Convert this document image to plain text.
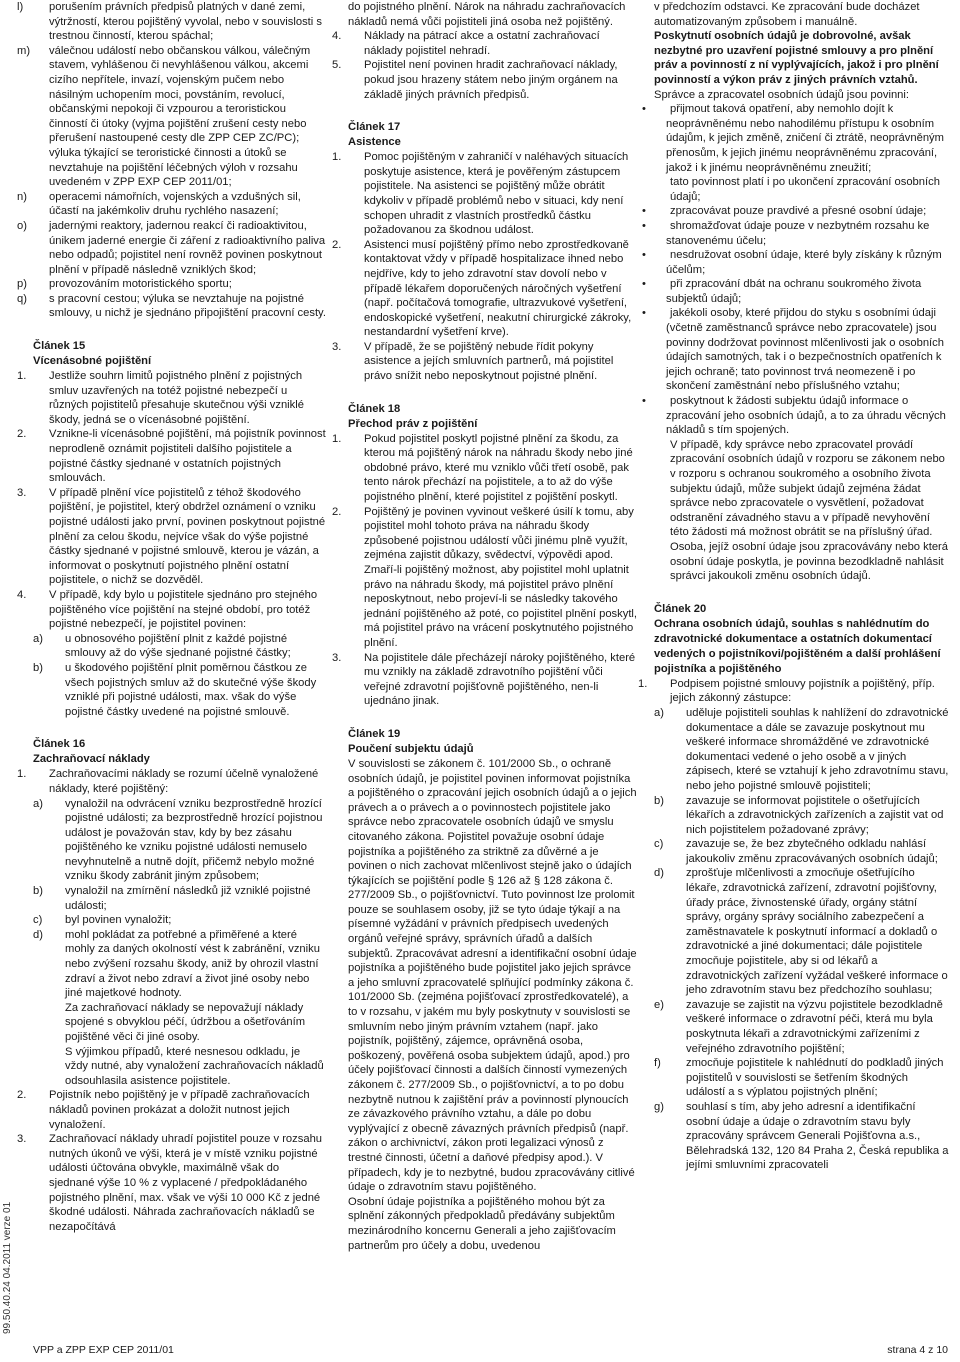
l) porušením právních předpisů platných v dané zemi, výtržností, kterou pojištěný vyvolal, nebo v souvislosti s trestnou činností, kterou spáchal;
m) válečnou událostí nebo občanskou válkou, válečným stavem, vyhlášenou či nevyhlášenou válkou, akcemi cizího nepřítele, invazí, vojenským pučem nebo násilným uchopením moci, povstáním, revolucí, občanskými nepokoji či vzpourou a teroristickou činností či útoky (vyjma pojištění zrušení cesty nebo přerušení nastoupené cesty dle ZPP CEP ZC/PC); výluka týkající se teroristické činnosti a útoků se nevztahuje na pojištění léčebných výloh v rozsahu uvedeném v ZPP EXP CEP 2011/01;
n) operacemi námořních, vojenských a vzdušných sil, účastí na jakémkoliv druhu rychlého nasazení;
o) jadernými reaktory, jadernou reakcí či radioaktivitou, únikem jaderné energie či záření z radioaktivního paliva nebo odpadů; pojistitel není rovněž povinen poskytnout plnění v případě následně vzniklých škod;
p) provozováním motoristického sportu;
q) s pracovní cestou; výluka se nevztahuje na pojistné smlouvy, u nichž je sjednáno připojištění pracovní cesty.
Článek 15
Vícenásobné pojištění
1. Jestliže souhrn limitů pojistného plnění z pojistných smluv uzavřených na totéž pojistné nebezpečí u různých pojistitelů přesahuje skutečnou výši vzniklé škody, jedná se o vícenásobné pojištění.
2. Vznikne-li vícenásobné pojištění, má pojistník povinnost neprodleně oznámit pojistiteli dalšího pojistitele a pojistné částky sjednané v ostatních pojistných smlouvách.
3. V případě plnění více pojistitelů z téhož škodového pojištění, je pojistitel, který obdržel oznámení o vzniku pojistné události jako první, povinen poskytnout pojistné plnění za celou škodu, nejvíce však do výše pojistné částky sjednané v pojistné smlouvě, kterou je vázán, a informovat o poskytnutí pojistného plnění ostatní pojistitele, o nichž se dozvěděl.
4. V případě, kdy bylo u pojistitele sjednáno pro stejného pojištěného více pojištění na stejné období, pro totéž pojistné nebezpečí, je pojistitel povinen:
a) u obnosového pojištění plnit z každé pojistné smlouvy až do výše sjednané pojistné částky;
b) u škodového pojištění plnit poměrnou částkou ze všech pojistných smluv až do skutečné výše škody vzniklé při pojistné události, max. však do výše pojistné částky uvedené na pojistné smlouvě.
Článek 16
Zachraňovací náklady
1. Zachraňovacími náklady se rozumí účelně vynaložené náklady, které pojištěný:
a) vynaložil na odvrácení vzniku bezprostředně hrozící pojistné události; za bezprostředně hrozící pojistnou událost je považován stav, kdy by bez zásahu pojištěného ke vzniku pojistné události nemuselo nevyhnutelně a nutně dojít, přičemž nebylo možné vzniku škody zabránit jiným způsobem;
b) vynaložil na zmírnění následků již vzniklé pojistné události;
c) byl povinen vynaložit;
d) mohl pokládat za potřebné a přiměřené a které mohly za daných okolností vést k zabránění, vzniku nebo zvýšení rozsahu škody, aniž by ohrozil vlastní zdraví a život nebo zdraví a život jiné osoby nebo jiné majetkové hodnoty.
Za zachraňovací náklady se nepovažují náklady spojené s obvyklou péčí, údržbou a ošetřováním pojištěné věci či jiné osoby.
S výjimkou případů, které nesnesou odkladu, je vždy nutné, aby vynaložení zachraňovacích nákladů odsouhlasila asistence pojistitele.
2. Pojistník nebo pojištěný je v případě zachraňovacích nákladů povinen prokázat a doložit nutnost jejich vynaložení.
3. Zachraňovací náklady uhradí pojistitel pouze v rozsahu nutných úkonů ve výši, která je v místě vzniku pojistné události účtována obvykle, maximálně však do sjednané výše 10 % z vyplacené / předpokládaného pojistného plnění, max. však ve výši 10 000 Kč z jedné škodné události. Náhrada zachraňovacích nákladů se nezapočítává
do pojistného plnění. Nárok na náhradu zachraňovacích nákladů nemá vůči pojistiteli jiná osoba než pojištěný.
4. Náklady na pátrací akce a ostatní zachraňovací náklady pojistitel nehradí.
5. Pojistitel není povinen hradit zachraňovací náklady, pokud jsou hrazeny státem nebo jiným orgánem na základě jiných právních předpisů.
Článek 17
Asistence
1. Pomoc pojištěným v zahraničí v naléhavých situacích poskytuje asistence, která je pověřeným zástupcem pojistitele. Na asistenci se pojištěný může obrátit kdykoliv v případě problémů nebo v situaci, kdy není schopen uhradit z vlastních prostředků částku požadovanou za škodnou událost.
2. Asistenci musí pojištěný přímo nebo zprostředkovaně kontaktovat vždy v případě hospitalizace ihned nebo nejdříve, kdy to jeho zdravotní stav dovolí nebo v případě lékařem doporučených náročných vyšetření (např. počítačová tomografie, ultrazvukové vyšetření, endoskopické vyšetření, neakutní chirurgické zákroky, nestandardní vyšetření krve).
3. V případě, že se pojištěný nebude řídit pokyny asistence a jejích smluvních partnerů, má pojistitel právo snížit nebo neposkytnout pojistné plnění.
Článek 18
Přechod práv z pojištění
1. Pokud pojistitel poskytl pojistné plnění za škodu, za kterou má pojištěný nárok na náhradu škody nebo jiné obdobné právo, které mu vzniklo vůči třetí osobě, pak tento nárok přechází na pojistitele, a to až do výše pojistného plnění, které pojistitel z pojištění poskytl.
2. Pojištěný je povinen vyvinout veškeré úsilí k tomu, aby pojistitel mohl tohoto práva na náhradu škody způsobené pojistnou událostí vůči jinému plně využít, zejména zajistit důkazy, svědectví, výpovědi apod. Zmaří-li pojištěný možnost, aby pojistitel mohl uplatnit právo na náhradu škody, má pojistitel právo plnění neposkytnout, nebo projeví-li se následky takového jednání pojištěného až poté, co pojistitel plnění poskytl, má pojistitel právo na vrácení poskytnutého pojistného plnění.
3. Na pojistitele dále přecházejí nároky pojištěného, které mu vznikly na základě zdravotního pojištění vůči veřejné zdravotní pojišťovně pojištěného, nen-li ujednáno jinak.
Článek 19
Poučení subjektu údajů
V souvislosti se zákonem č. 101/2000 Sb., o ochraně osobních údajů, je pojistitel povinen informovat pojistníka a pojištěného o zpracování jejich osobních údajů a o jejich právech a o právech a o povinnostech pojistitele jako správce nebo zpracovatele osobních údajů ve smyslu citovaného zákona. Pojistitel považuje osobní údaje pojistníka a pojištěného za striktně za důvěrné a je povinen o nich zachovat mlčenlivost stejně jako o údajích týkajících se pojištění podle § 126 až § 128 zákona č. 277/2009 Sb., o pojišťovnictví. Tuto povinnost lze prolomit pouze se souhlasem osoby, již se tyto údaje týkají a na písemné vyžádání v právních předpisech uvedených orgánů veřejné správy, správních úřadů a dalších subjektů. Zpracovávat adresní a identifikační osobní údaje pojistníka a pojištěného bude pojistitel jako jejich správce a jeho smluvní zpracovatelé splňující podmínky zákona č. 101/2000 Sb. (zejména pojišťovací zprostředkovatelé), a to v rozsahu, v jakém mu byly poskytnuty v souvislosti se smluvním nebo jiným právním vztahem (např. jako pojistník, pojištěný, zájemce, oprávněná osoba, poškozený, pověřená osoba subjektem údajů, apod.) pro účely pojišťovací činnosti a dalších činností vymezených zákonem č. 277/2009 Sb., o pojišťovnictví, a to po dobu nezbytně nutnou k zajištění práv a povinností plynoucích ze závazkového právního vztahu, a dále po dobu vyplývající z obecně závazných právních předpisů (např. zákon o archivnictví, zákon proti legalizaci výnosů z trestné činnosti, účetní a daňové předpisy apod.). V případech, kdy je to nezbytné, budou zpracovávány citlivé údaje o zdravotním stavu pojištěného.
Osobní údaje pojistníka a pojištěného mohou být za splnění zákonných předpokladů předávány subjektům mezinárodního koncernu Generali a jeho zajišťovacím partnerům pro účely a dobu, uvedenou
v předchozím odstavci. Ke zpracování bude docházet automatizovaným způsobem i manuálně.
Poskytnutí osobních údajů je dobrovolné, avšak nezbytné pro uzavření pojistné smlouvy a pro plnění práv a povinností z ní vyplývajících, jakož i pro plnění povinností a výkon práv z jiných právních vztahů.
Správce a zpracovatel osobních údajů jsou povinni:
• přijmout taková opatření, aby nemohlo dojít k neoprávněnému nebo nahodilému přístupu k osobním údajům, k jejich změně, zničení či ztrátě, neoprávněným přenosům, k jejich jinému neoprávněnému zpracování, jakož i k jinému neoprávněnému zneužití;
tato povinnost platí i po ukončení zpracování osobních údajů;
• zpracovávat pouze pravdivé a přesné osobní údaje;
• shromažďovat údaje pouze v nezbytném rozsahu ke stanovenému účelu;
• nesdružovat osobní údaje, které byly získány k různým účelům;
• při zpracování dbát na ochranu soukromého života subjektů údajů;
• jakékoli osoby, které přijdou do styku s osobními údaji (včetně zaměstnanců správce nebo zpracovatele) jsou povinny dodržovat povinnost mlčenlivosti jak o osobních údajích samotných, tak i o bezpečnostních opatřeních k jejich ochraně; tato povinnost trvá neomezeně i po skončení zaměstnání nebo příslušného vztahu;
• poskytnout k žádosti subjektu údajů informace o zpracování jeho osobních údajů, a to za úhradu věcných nákladů s tím spojených.
V případě, kdy správce nebo zpracovatel provádí zpracování osobních údajů v rozporu se zákonem nebo v rozporu s ochranou soukromého a osobního života subjektu údajů, může subjekt údajů zejména žádat správce nebo zpracovatele o vysvětlení, požadovat odstranění závadného stavu a v případě nevyhovění této žádosti má možnost obrátit se na příslušný úřad.
Osoba, jejíž osobní údaje jsou zpracovávány nebo která osobní údaje poskytla, je povinna bezodkladně nahlásit správci jakoukoli změnu osobních údajů.
Článek 20
Ochrana osobních údajů, souhlas s nahlédnutím do zdravotnické dokumentace a ostatních dokumentací vedených o pojistníkovi/pojištěném a další prohlášení pojistníka a pojištěného
1. Podpisem pojistné smlouvy pojistník a pojištěný, příp. jejich zákonný zástupce:
a) uděluje pojistiteli souhlas k nahlížení do zdravotnické dokumentace a dále se zavazuje poskytnout mu veškeré informace shromážděné ve zdravotnické dokumentaci vedené o jeho osobě a v jiných zápisech, které se vztahují k jeho zdravotnímu stavu, nebo jeho pojistné smlouvě pojistiteli;
b) zavazuje se informovat pojistitele o ošetřujících lékařích a zdravotnických zařízeních a zajistit vat od nich pojistitelem požadované zprávy;
c) zavazuje se, že bez zbytečného odkladu nahlásí jakoukoliv změnu zpracovávaných osobních údajů;
d) zprošťuje mlčenlivosti a zmocňuje ošetřujícího lékaře, zdravotnická zařízení, zdravotní pojišťovny, úřady práce, živnostenské úřady, orgány státní správy, orgány správy sociálního zabezpečení a zaměstnavatele k poskytnutí informací a dokladů o zdravotnické a jiné dokumentaci; dále pojistitele zmocňuje pojistitele, aby si od lékařů a zdravotnických zařízení vyžádal veškeré informace o jeho zdravotním stavu bez předchozího souhlasu;
e) zavazuje se zajistit na výzvu pojistitele bezodkladně veškeré informace o zdravotní péči, která mu byla poskytnuta lékaři a zdravotnickými zařízeními z veřejného zdravotního pojištění;
f) zmocňuje pojistitele k nahlédnutí do podkladů jiných pojistitelů v souvislosti se šetřením škodných událostí a s výplatou pojistných plnění;
g) souhlasí s tím, aby jeho adresní a identifikační osobní údaje a údaje o zdravotním stavu byly zpracovány správcem Generali Pojišťovna a.s., Bělehradská 132, 120 84 Praha 2, Česká republika a jejími smluvními zpracovateli
99.50.40.24 04.2011 verze 01
VPP a ZPP EXP CEP 2011/01	strana 4 z 10
